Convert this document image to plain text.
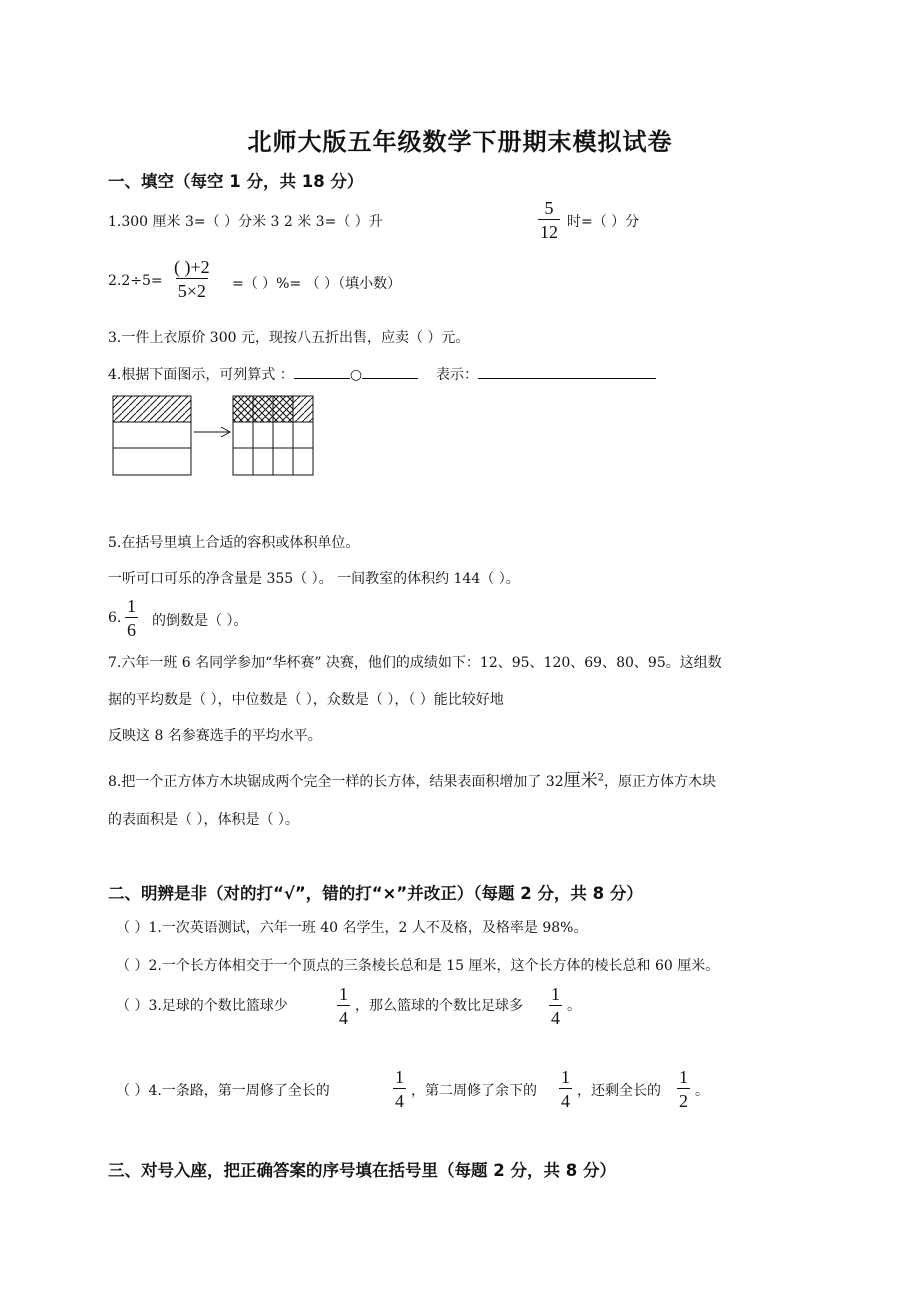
北师大版五年级数学下册期末模拟试卷
一、填空（每空 1 分，共 18 分）
1.300 厘米 3=（ ）分米 3 2 米 3=（ ）升	$\frac{5}{12}$ 时=（ ）分
$2.2\div 5= \frac{( )+2}{5\times 2}$ =（ ）%= （ ）（填小数）
3.一件上衣原价 300 元，现按八五折出售，应卖（ ）元。
4.根据下面图示，可列算式 ：	○	表示：
5.在括号里填上合适的容积或体积单位。
一听可口可乐的净含量是 355（ ）。 一间教室的体积约 144（ ）。
6. $\frac{1}{6}$ 的倒数是（ ）。
7.六年一班 6 名同学参加“华杯赛” 决赛，他们的成绩如下：12、95、120、69、80、95。这组数
据的平均数是（ ），中位数是（ ），众数是（ ），（ ）能比较好地
反映这 8 名参赛选手的平均水平。
8.把一个正方体方木块锯成两个完全一样的长方体，结果表面积增加了 32厘米$^2$，原正方体方木块
的表面积是（ ），体积是（ ）。
二、明辨是非（对的打“√”，错的打“×”并改正）（每题 2 分，共 8 分）
（ ）1.一次英语测试，六年一班 40 名学生，2 人不及格，及格率是 98%。
（ ）2.一个长方体相交于一个顶点的三条棱长总和是 15 厘米，这个长方体的棱长总和 60 厘米。
（ ）3.足球的个数比篮球少	$\frac{1}{4}$ ，那么篮球的个数比足球多 $\frac{1}{4}$ 。
（ ）4.一条路，第一周修了全长的	$\frac{1}{4}$ ，第二周修了余下的 $\frac{1}{4}$ ，还剩全长的 $\frac{1}{2}$ 。
三、对号入座，把正确答案的序号填在括号里（每题 2 分，共 8 分）
